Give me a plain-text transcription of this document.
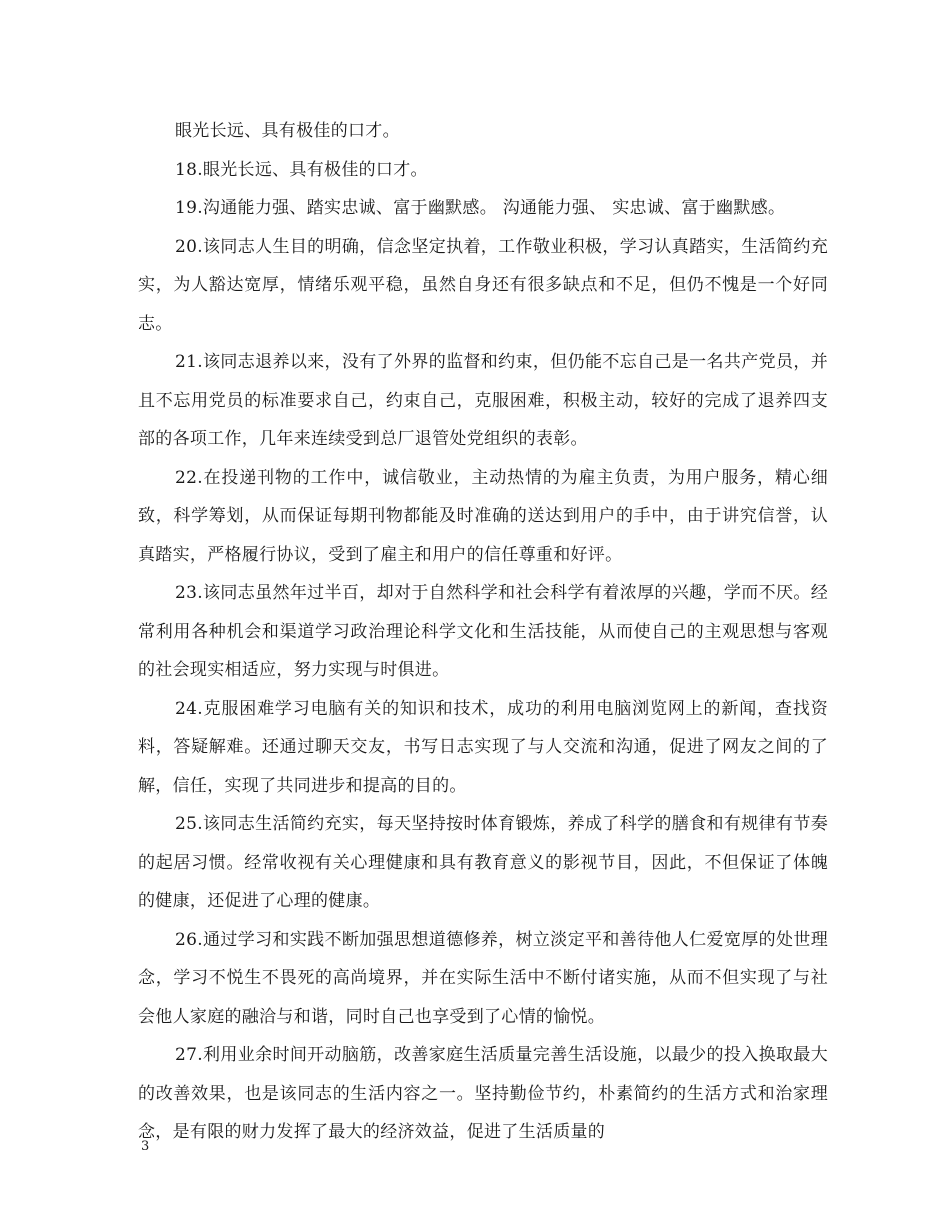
眼光长远、具有极佳的口才。

18.眼光长远、具有极佳的口才。

19.沟通能力强、踏实忠诚、富于幽默感。 沟通能力强、 实忠诚、富于幽默感。

20.该同志人生目的明确，信念坚定执着，工作敬业积极，学习认真踏实，生活简约充实，为人豁达宽厚，情绪乐观平稳，虽然自身还有很多缺点和不足，但仍不愧是一个好同志。

21.该同志退养以来，没有了外界的监督和约束，但仍能不忘自己是一名共产党员，并且不忘用党员的标准要求自己，约束自己，克服困难，积极主动，较好的完成了退养四支部的各项工作，几年来连续受到总厂退管处党组织的表彰。

22.在投递刊物的工作中，诚信敬业，主动热情的为雇主负责，为用户服务，精心细致，科学筹划，从而保证每期刊物都能及时准确的送达到用户的手中，由于讲究信誉，认真踏实，严格履行协议，受到了雇主和用户的信任尊重和好评。

23.该同志虽然年过半百，却对于自然科学和社会科学有着浓厚的兴趣，学而不厌。经常利用各种机会和渠道学习政治理论科学文化和生活技能，从而使自己的主观思想与客观的社会现实相适应，努力实现与时俱进。

24.克服困难学习电脑有关的知识和技术，成功的利用电脑浏览网上的新闻，查找资料，答疑解难。还通过聊天交友，书写日志实现了与人交流和沟通，促进了网友之间的了解，信任，实现了共同进步和提高的目的。

25.该同志生活简约充实，每天坚持按时体育锻炼，养成了科学的膳食和有规律有节奏的起居习惯。经常收视有关心理健康和具有教育意义的影视节目，因此，不但保证了体魄的健康，还促进了心理的健康。

26.通过学习和实践不断加强思想道德修养，树立淡定平和善待他人仁爱宽厚的处世理念，学习不悦生不畏死的高尚境界，并在实际生活中不断付诸实施，从而不但实现了与社会他人家庭的融洽与和谐，同时自己也享受到了心情的愉悦。

27.利用业余时间开动脑筋，改善家庭生活质量完善生活设施，以最少的投入换取最大的改善效果，也是该同志的生活内容之一。坚持勤俭节约，朴素简约的生活方式和治家理念，是有限的财力发挥了最大的经济效益，促进了生活质量的

3
